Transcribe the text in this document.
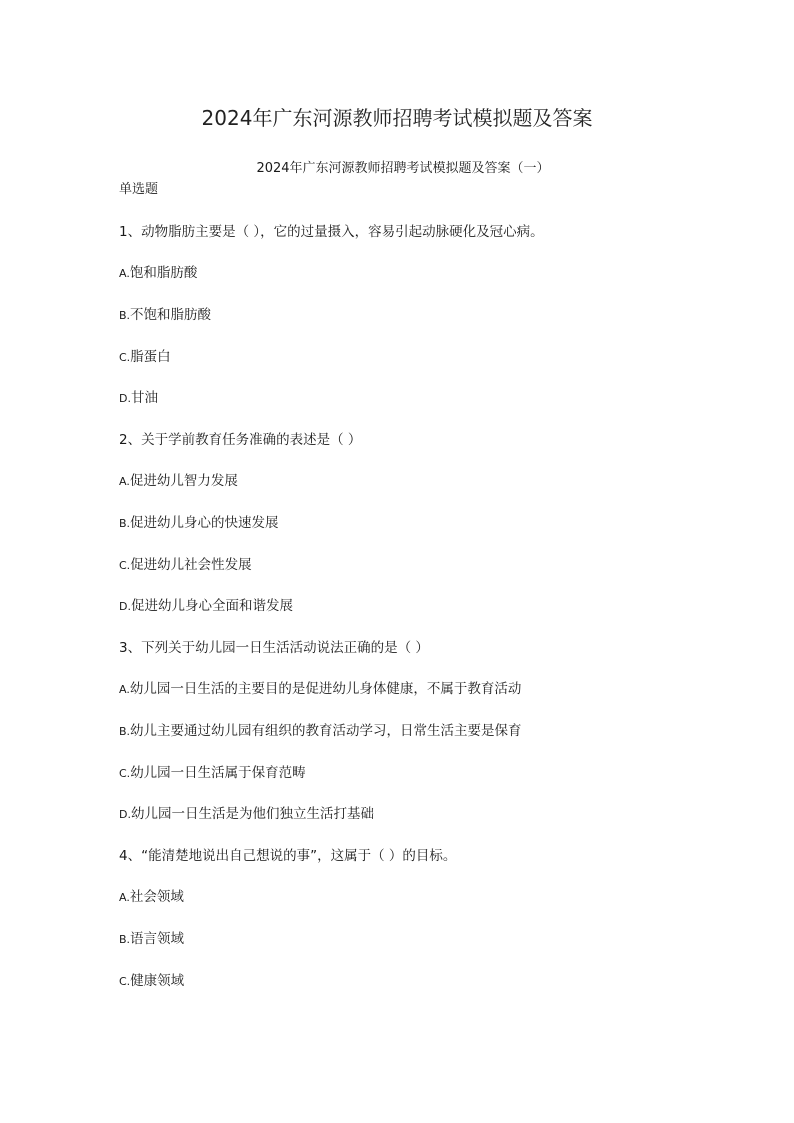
2024年广东河源教师招聘考试模拟题及答案
2024年广东河源教师招聘考试模拟题及答案（一）
单选题
1、动物脂肪主要是（ ），它的过量摄入，容易引起动脉硬化及冠心病。
A.饱和脂肪酸
B.不饱和脂肪酸
C.脂蛋白
D.甘油
2、关于学前教育任务准确的表述是（ ）
A.促进幼儿智力发展
B.促进幼儿身心的快速发展
C.促进幼儿社会性发展
D.促进幼儿身心全面和谐发展
3、下列关于幼儿园一日生活活动说法正确的是（ ）
A.幼儿园一日生活的主要目的是促进幼儿身体健康，不属于教育活动
B.幼儿主要通过幼儿园有组织的教育活动学习，日常生活主要是保育
C.幼儿园一日生活属于保育范畴
D.幼儿园一日生活是为他们独立生活打基础
4、“能清楚地说出自己想说的事”，这属于（ ）的目标。
A.社会领域
B.语言领域
C.健康领域
